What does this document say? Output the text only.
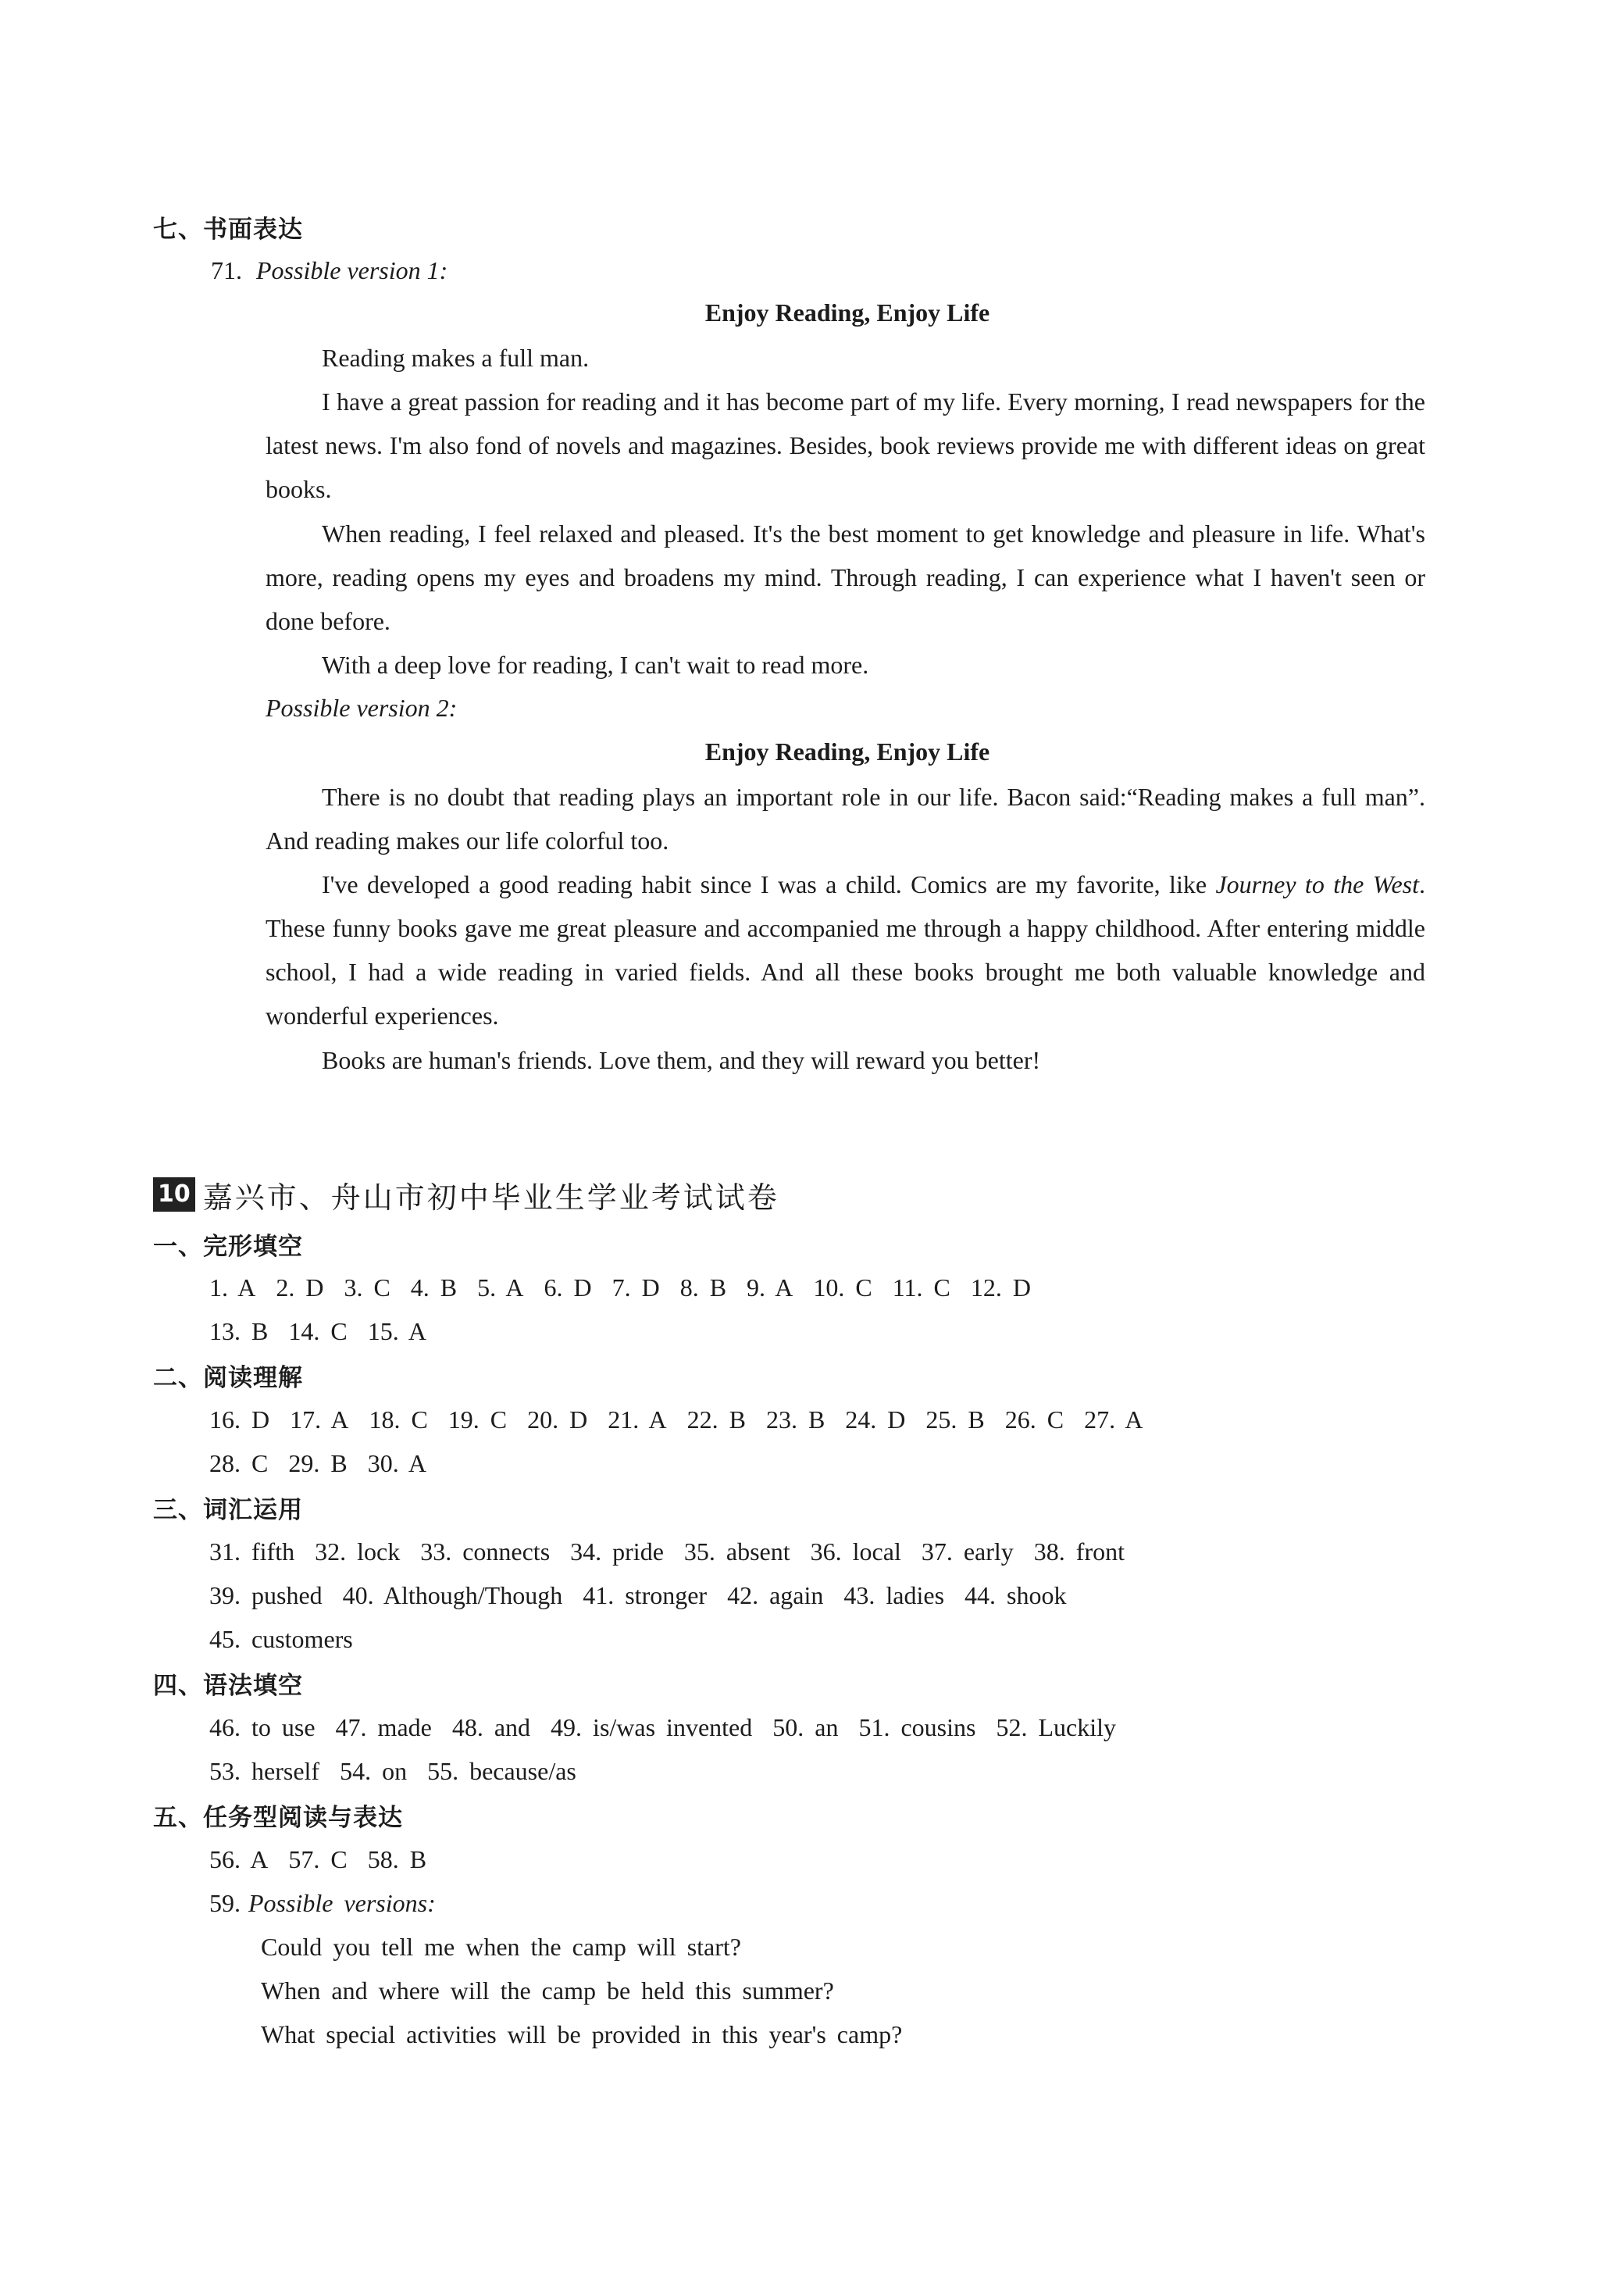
七、书面表达
71. Possible version 1:
Enjoy Reading, Enjoy Life
Reading makes a full man.
I have a great passion for reading and it has become part of my life. Every morning, I read newspapers for the latest news. I'm also fond of novels and magazines. Besides, book reviews provide me with different ideas on great books.
When reading, I feel relaxed and pleased. It's the best moment to get knowledge and pleasure in life. What's more, reading opens my eyes and broadens my mind. Through reading, I can experience what I haven't seen or done before.
With a deep love for reading, I can't wait to read more.
Possible version 2:
Enjoy Reading, Enjoy Life
There is no doubt that reading plays an important role in our life. Bacon said:“Reading makes a full man”. And reading makes our life colorful too.
I've developed a good reading habit since I was a child. Comics are my favorite, like Journey to the West. These funny books gave me great pleasure and accompanied me through a happy childhood. After entering middle school, I had a wide reading in varied fields. And all these books brought me both valuable knowledge and wonderful experiences.
Books are human's friends. Love them, and they will reward you better!
10 嘉兴市、舟山市初中毕业生学业考试试卷
一、完形填空
1. A 2. D 3. C 4. B 5. A 6. D 7. D 8. B 9. A 10. C 11. C 12. D
13. B 14. C 15. A
二、阅读理解
16. D 17. A 18. C 19. C 20. D 21. A 22. B 23. B 24. D 25. B 26. C 27. A
28. C 29. B 30. A
三、词汇运用
31. fifth 32. lock 33. connects 34. pride 35. absent 36. local 37. early 38. front
39. pushed 40. Although/Though 41. stronger 42. again 43. ladies 44. shook
45. customers
四、语法填空
46. to use 47. made 48. and 49. is/was invented 50. an 51. cousins 52. Luckily
53. herself 54. on 55. because/as
五、任务型阅读与表达
56. A 57. C 58. B
59. Possible versions:
Could you tell me when the camp will start?
When and where will the camp be held this summer?
What special activities will be provided in this year's camp?
